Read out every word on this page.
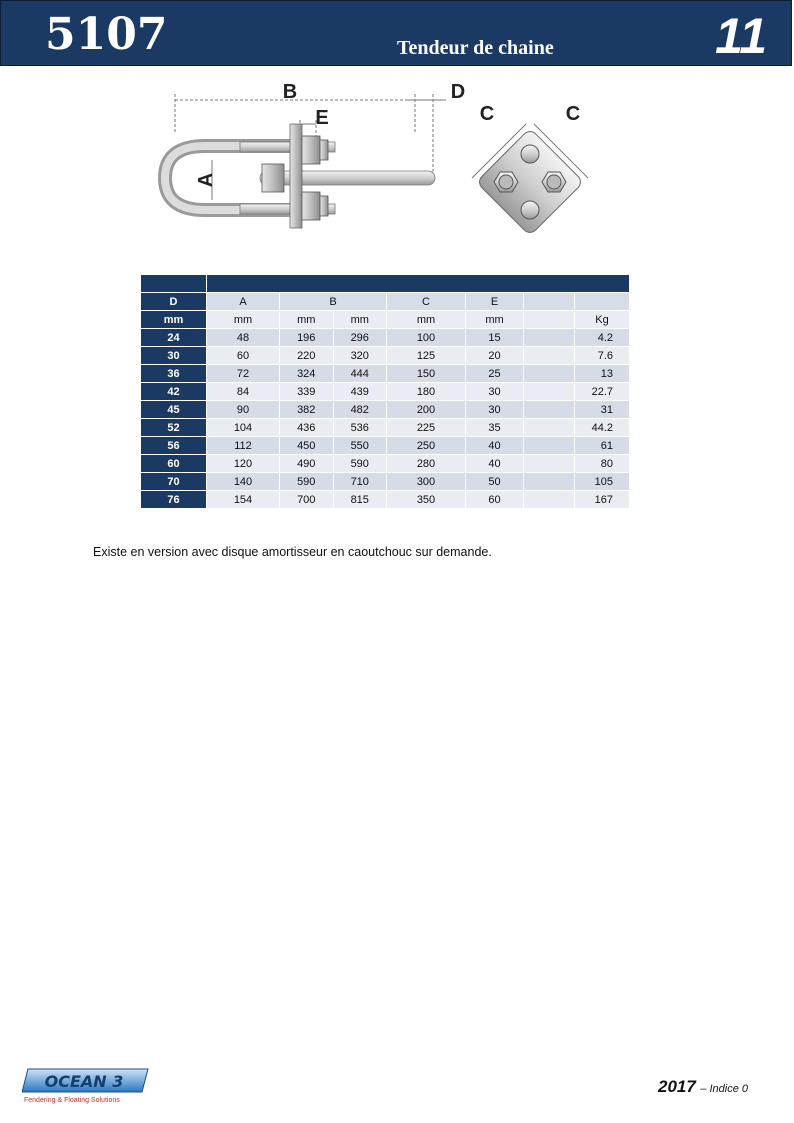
5107	Tendeur de chaine	11
B	D
E
A
C	C

D	A	B		C	E		
mm	mm	mm	mm	mm	mm		Kg
24	48	196	296	100	15		4.2
30	60	220	320	125	20		7.6
36	72	324	444	150	25		13
42	84	339	439	180	30		22.7
45	90	382	482	200	30		31
52	104	436	536	225	35		44.2
56	112	450	550	250	40		61
60	120	490	590	280	40		80
70	140	590	710	300	50		105
76	154	700	815	350	60		167
Existe en version avec disque amortisseur en caoutchouc sur demande.
OCEAN 3
Fendering & Floating Solutions
2017 – Indice 0
